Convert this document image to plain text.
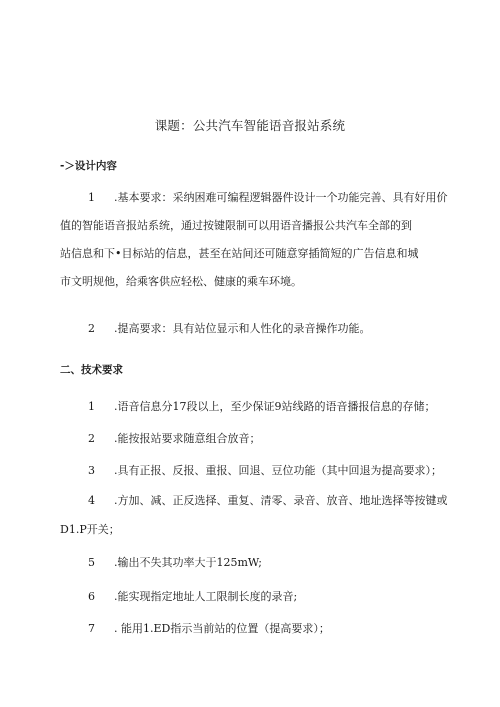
课题：公共汽车智能语音报站系统
-＞设计内容
1 .基本要求：采纳困难可编程逻辑器件设计一个功能完善、具有好用价
值的智能语音报站系统，通过按键限制可以用语音播报公共汽车全部的到
站信息和下•目标站的信息，甚至在站间还可随意穿插简短的广告信息和城
市文明规他，给乘客供应轻松、健康的乘车环境。
2 .提高要求：具有站位显示和人性化的录音操作功能。
二、技术要求
1 .语音信息分17段以上，至少保证9站线路的语音播报信息的存储；
2 .能按报站要求随意组合放音；
3 .具有正报、反报、重报、回退、豆位功能（其中回退为提高要求）；
4 .方加、减、正反选择、重复、清零、录音、放音、地址选择等按键或
D1.P开关；
5 .输出不失其功率大于125mW;
6 .能实现指定地址人工限制长度的录音;
7 . 能用1.ED指示当前站的位置（提高要求）；
